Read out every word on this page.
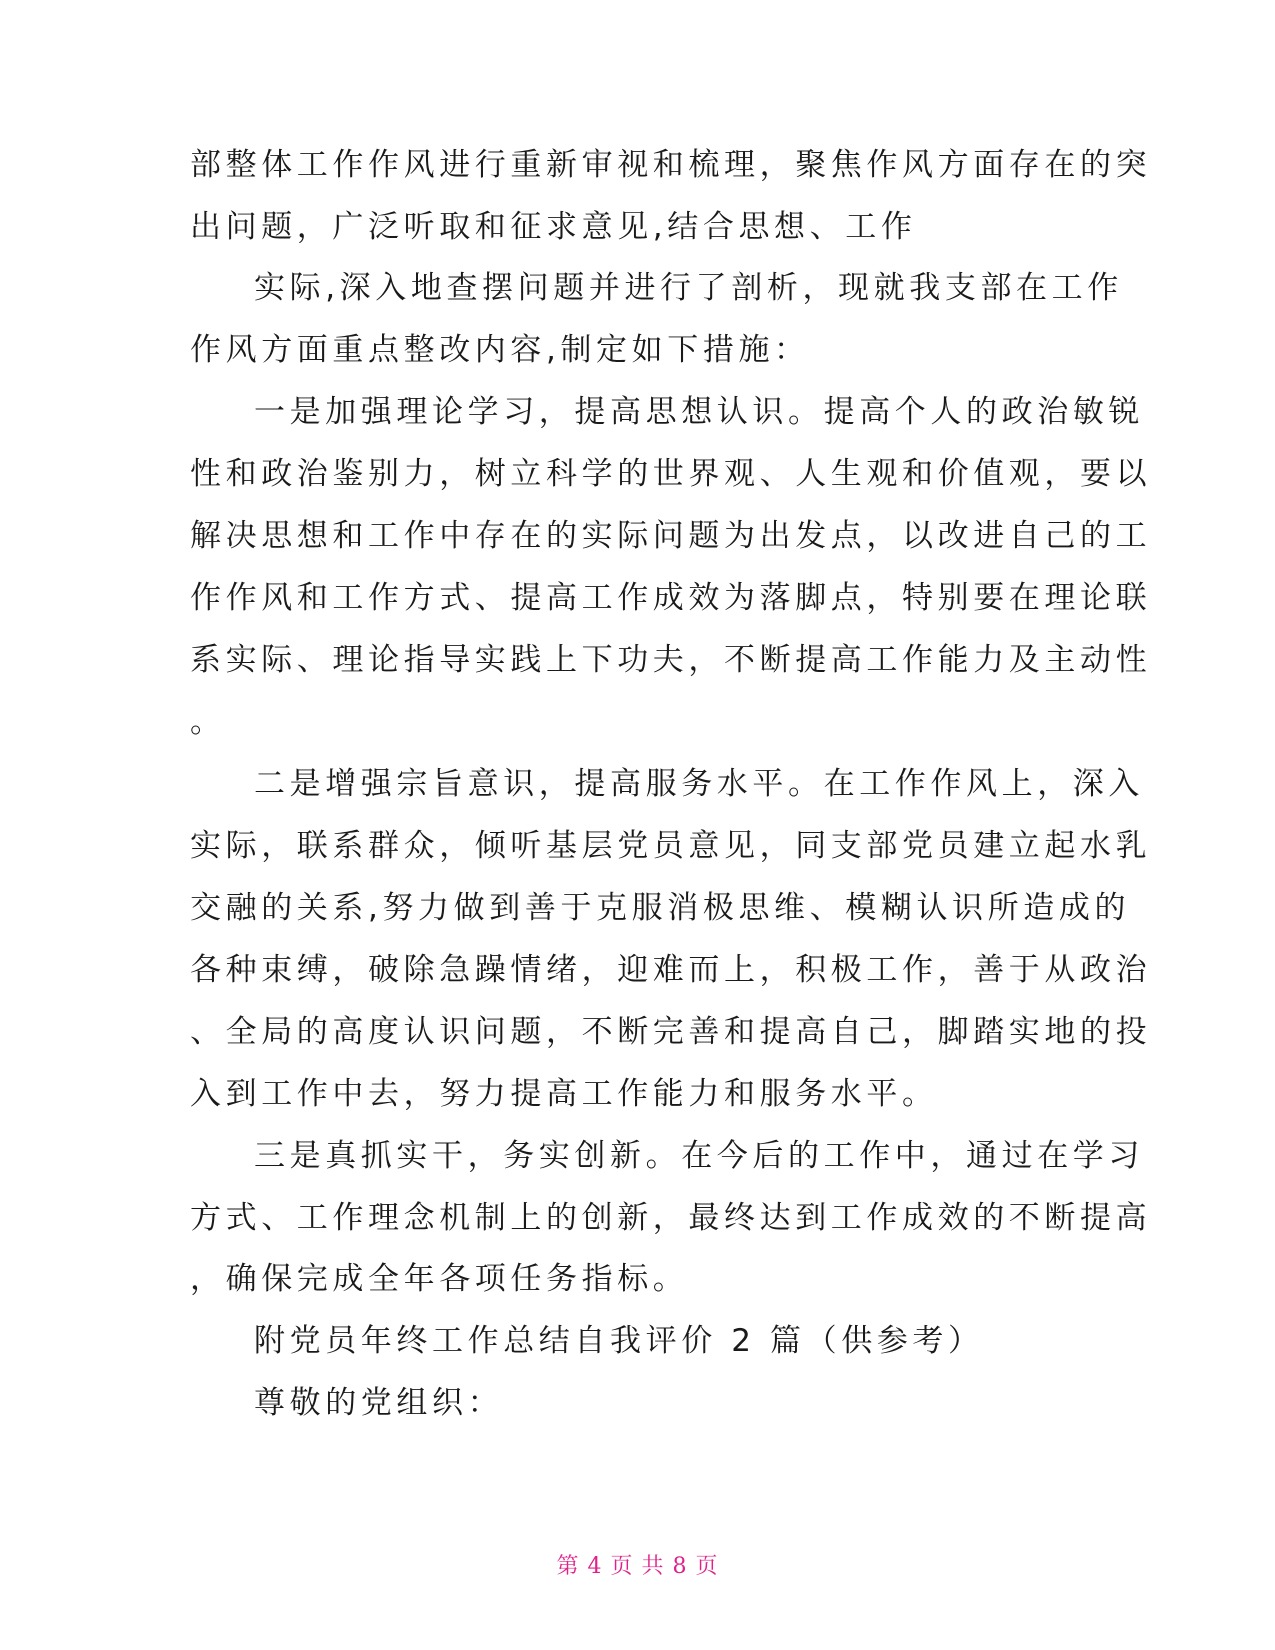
部整体工作作风进行重新审视和梳理，聚焦作风方面存在的突
出问题，广泛听取和征求意见,结合思想、工作
实际,深入地查摆问题并进行了剖析，现就我支部在工作
作风方面重点整改内容,制定如下措施：
一是加强理论学习，提高思想认识。提高个人的政治敏锐
性和政治鉴别力，树立科学的世界观、人生观和价值观，要以
解决思想和工作中存在的实际问题为出发点，以改进自己的工
作作风和工作方式、提高工作成效为落脚点，特别要在理论联
系实际、理论指导实践上下功夫，不断提高工作能力及主动性
。
二是增强宗旨意识，提高服务水平。在工作作风上，深入
实际，联系群众，倾听基层党员意见，同支部党员建立起水乳
交融的关系,努力做到善于克服消极思维、模糊认识所造成的
各种束缚，破除急躁情绪，迎难而上，积极工作，善于从政治
、全局的高度认识问题，不断完善和提高自己，脚踏实地的投
入到工作中去，努力提高工作能力和服务水平。
三是真抓实干，务实创新。在今后的工作中，通过在学习
方式、工作理念机制上的创新，最终达到工作成效的不断提高
，确保完成全年各项任务指标。
附党员年终工作总结自我评价 2 篇（供参考）
尊敬的党组织：
第 4 页 共 8 页
